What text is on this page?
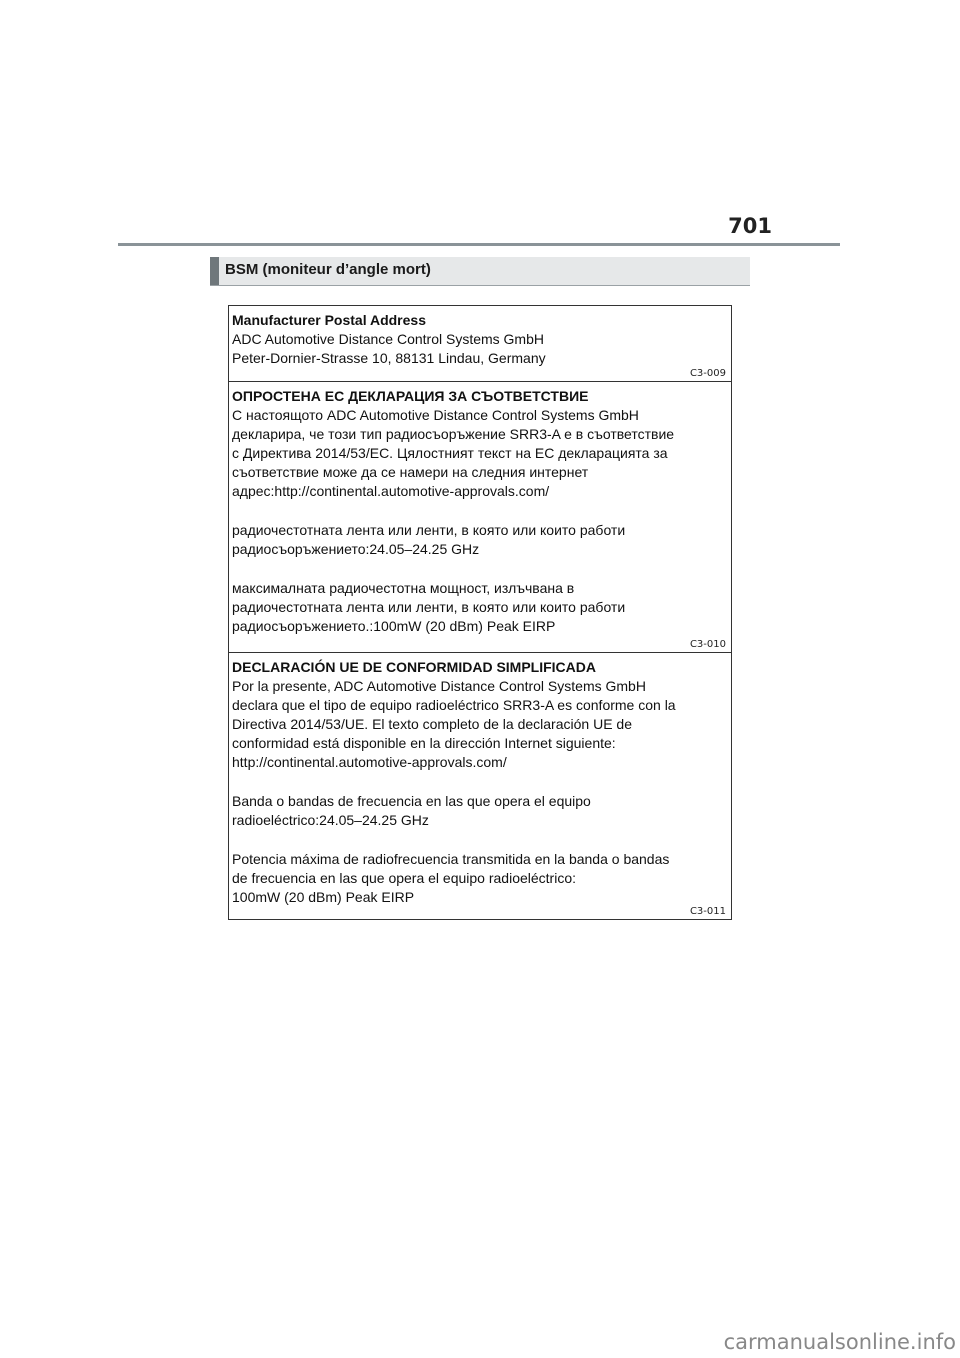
701
BSM (moniteur d’angle mort)

Manufacturer Postal Address

ADC Automotive Distance Control Systems GmbH

Peter-Dornier-Strasse 10, 88131 Lindau, Germany

C3-009

ОПРОСТЕНА ЕС ДЕКЛАРАЦИЯ ЗА СЪОТВЕТСТВИЕ

С настоящото ADC Automotive Distance Control Systems GmbH

декларира, че този тип радиосъоръжение SRR3-A е в съответствие

с Директива 2014/53/ЕС. Цялостният текст на ЕС декларацията за

съответствие може да се намери на следния интернет

адрес:http://continental.automotive-approvals.com/

радиочестотната лента или ленти, в която или които работи

радиосъоръжението:24.05–24.25 GHz

максималната радиочестотна мощност, излъчвана в

радиочестотната лента или ленти, в която или които работи

радиосъоръжението.:100mW (20 dBm) Peak EIRP

C3-010

DECLARACIÓN UE DE CONFORMIDAD SIMPLIFICADA

Por la presente, ADC Automotive Distance Control Systems GmbH

declara que el tipo de equipo radioeléctrico SRR3-A es conforme con la

Directiva 2014/53/UE. El texto completo de la declaración UE de

conformidad está disponible en la dirección Internet siguiente:

http://continental.automotive-approvals.com/

Banda o bandas de frecuencia en las que opera el equipo

radioeléctrico:24.05–24.25 GHz

Potencia máxima de radiofrecuencia transmitida en la banda o bandas

de frecuencia en las que opera el equipo radioeléctrico:

100mW (20 dBm) Peak EIRP

C3-011
carmanualsonline.info
